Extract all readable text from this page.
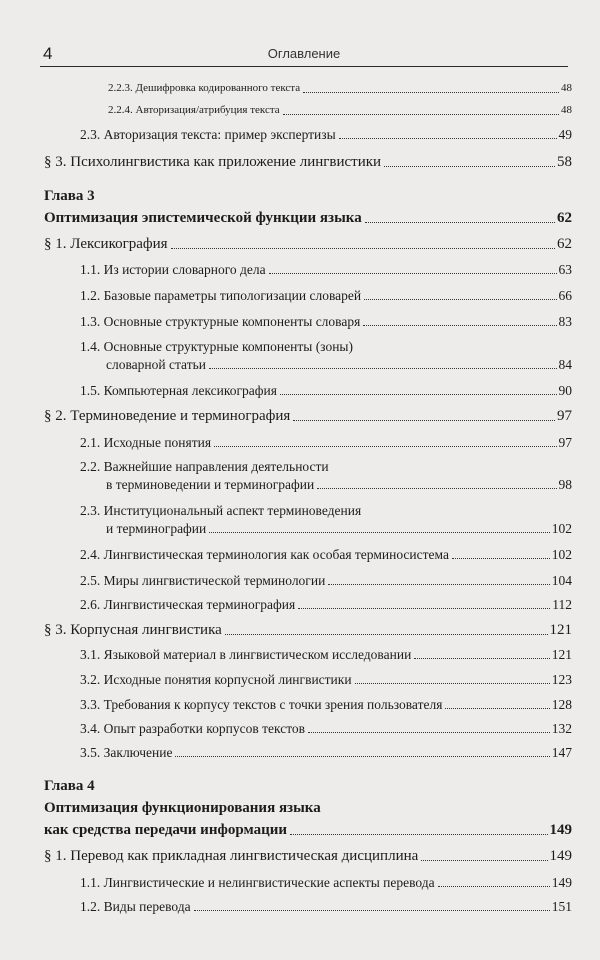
4	Оглавление
2.2.3. Дешифровка кодированного текста	48
2.2.4. Авторизация/атрибуция текста	48
2.3. Авторизация текста: пример экспертизы	49
§ 3. Психолингвистика как приложение лингвистики	58
Глава 3
Оптимизация эпистемической функции языка	62
§ 1. Лексикография	62
1.1. Из истории словарного дела	63
1.2. Базовые параметры типологизации словарей	66
1.3. Основные структурные компоненты словаря	83
1.4. Основные структурные компоненты (зоны)
словарной статьи	84
1.5. Компьютерная лексикография	90
§ 2. Терминоведение и терминография	97
2.1. Исходные понятия	97
2.2. Важнейшие направления деятельности
в терминоведении и терминографии	98
2.3. Институциональный аспект терминоведения
и терминографии	102
2.4. Лингвистическая терминология как особая терминосистема	102
2.5. Миры лингвистической терминологии	104
2.6. Лингвистическая терминография	112
§ 3. Корпусная лингвистика	121
3.1. Языковой материал в лингвистическом исследовании	121
3.2. Исходные понятия корпусной лингвистики	123
3.3. Требования к корпусу текстов с точки зрения пользователя	128
3.4. Опыт разработки корпусов текстов	132
3.5. Заключение	147
Глава 4
Оптимизация функционирования языка
как средства передачи информации	149
§ 1. Перевод как прикладная лингвистическая дисциплина	149
1.1. Лингвистические и нелингвистические аспекты перевода	149
1.2. Виды перевода	151
